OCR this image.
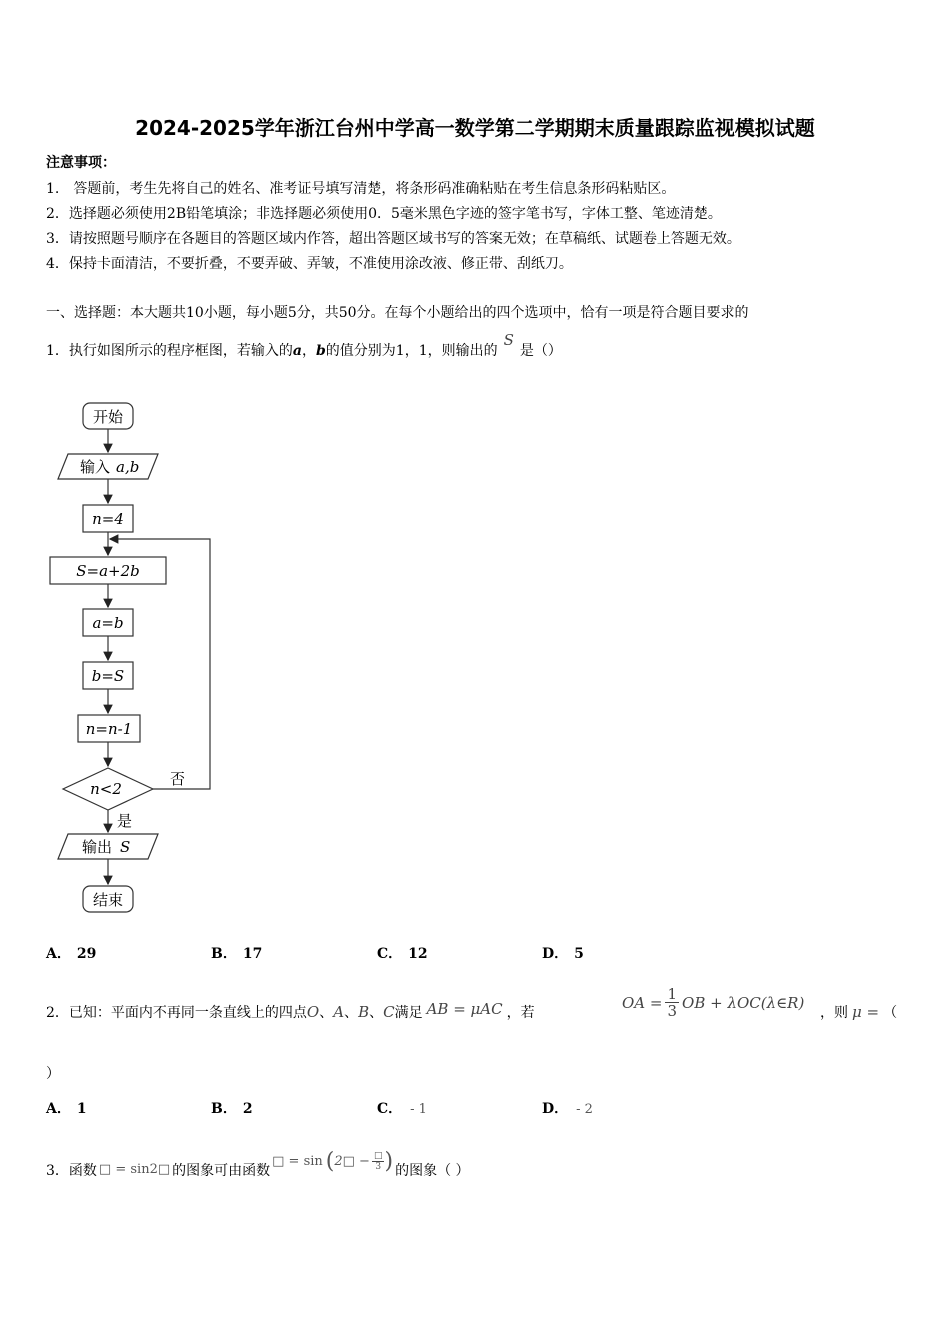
2024-2025学年浙江台州中学高一数学第二学期期末质量跟踪监视模拟试题
注意事项：
1.　答题前，考生先将自己的姓名、准考证号填写清楚，将条形码准确粘贴在考生信息条形码粘贴区。
2．选择题必须使用2B铅笔填涂；非选择题必须使用0．5毫米黑色字迹的签字笔书写，字体工整、笔迹清楚。
3．请按照题号顺序在各题目的答题区域内作答，超出答题区域书写的答案无效；在草稿纸、试题卷上答题无效。
4．保持卡面清洁，不要折叠，不要弄破、弄皱，不准使用涂改液、修正带、刮纸刀。
一、选择题：本大题共10小题，每小题5分，共50分。在每个小题给出的四个选项中，恰有一项是符合题目要求的
1．执行如图所示的程序框图，若输入的a，b的值分别为1，1，则输出的S是（）
开始
输入 a,b
n=4
S=a+2b
a=b
b=S
n=n-1
n<2
否
是
输出 S
结束
A． 29	B． 17	C． 12	D． 5
2．已知：平面内不再同一条直线上的四点O、A、B、C满足 AB = μAC ，若
OA = $\frac{1}{3}$ OB + λOC(λ∈R)
，则 μ = （
）
A． 1	B． 2	C． - 1	D． - 2
3．函数 □ = sin2□ 的图象可由函数
□ = sin ( 2□ − $\frac{□}{3}$ ) 的图象（ ）
